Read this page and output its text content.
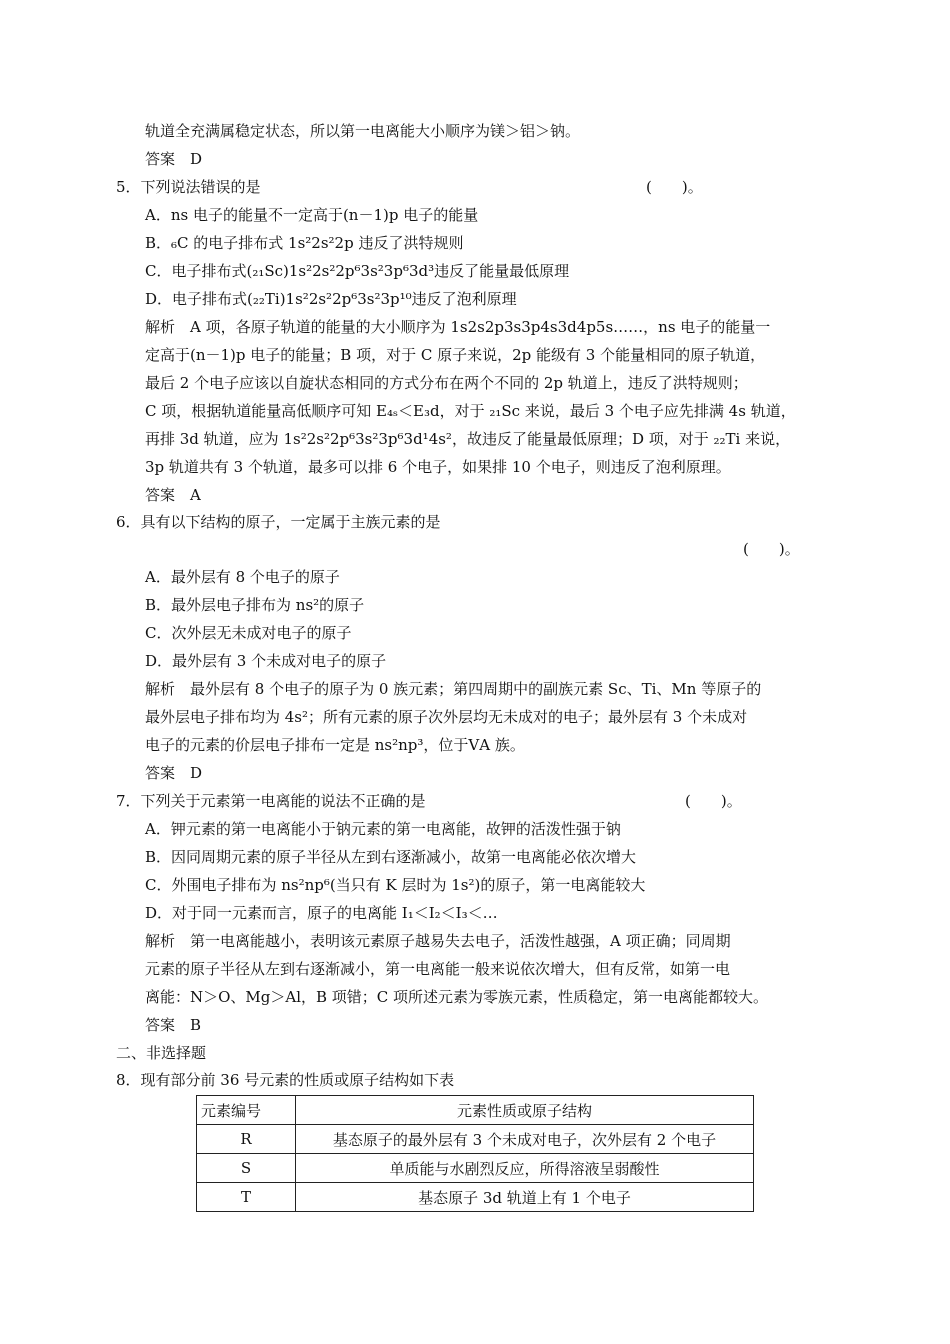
轨道全充满属稳定状态，所以第一电离能大小顺序为镁＞铝＞钠。
答案　D
5．下列说法错误的是	(　　)。
A．ns 电子的能量不一定高于(n－1)p 电子的能量
B．₆C 的电子排布式 1s²2s²2p 违反了洪特规则
C．电子排布式(₂₁Sc)1s²2s²2p⁶3s²3p⁶3d³违反了能量最低原理
D．电子排布式(₂₂Ti)1s²2s²2p⁶3s²3p¹⁰违反了泡利原理
解析　A 项，各原子轨道的能量的大小顺序为 1s2s2p3s3p4s3d4p5s……，ns 电子的能量一
定高于(n－1)p 电子的能量；B 项，对于 C 原子来说，2p 能级有 3 个能量相同的原子轨道，
最后 2 个电子应该以自旋状态相同的方式分布在两个不同的 2p 轨道上，违反了洪特规则；
C 项，根据轨道能量高低顺序可知 E₄ₛ＜E₃d，对于 ₂₁Sc 来说，最后 3 个电子应先排满 4s 轨道，
再排 3d 轨道，应为 1s²2s²2p⁶3s²3p⁶3d¹4s²，故违反了能量最低原理；D 项，对于 ₂₂Ti 来说，
3p 轨道共有 3 个轨道，最多可以排 6 个电子，如果排 10 个电子，则违反了泡利原理。
答案　A
6．具有以下结构的原子，一定属于主族元素的是
(　　)。
A．最外层有 8 个电子的原子
B．最外层电子排布为 ns²的原子
C．次外层无未成对电子的原子
D．最外层有 3 个未成对电子的原子
解析　最外层有 8 个电子的原子为 0 族元素；第四周期中的副族元素 Sc、Ti、Mn 等原子的
最外层电子排布均为 4s²；所有元素的原子次外层均无未成对的电子；最外层有 3 个未成对
电子的元素的价层电子排布一定是 ns²np³，位于ⅤA 族。
答案　D
7．下列关于元素第一电离能的说法不正确的是	(　　)。
A．钾元素的第一电离能小于钠元素的第一电离能，故钾的活泼性强于钠
B．因同周期元素的原子半径从左到右逐渐减小，故第一电离能必依次增大
C．外围电子排布为 ns²np⁶(当只有 K 层时为 1s²)的原子，第一电离能较大
D．对于同一元素而言，原子的电离能 I₁＜I₂＜I₃＜…
解析　第一电离能越小，表明该元素原子越易失去电子，活泼性越强，A 项正确；同周期
元素的原子半径从左到右逐渐减小，第一电离能一般来说依次增大，但有反常，如第一电
离能：N＞O、Mg＞Al，B 项错；C 项所述元素为零族元素，性质稳定，第一电离能都较大。
答案　B
二、非选择题
8．现有部分前 36 号元素的性质或原子结构如下表
元素编号	元素性质或原子结构
R	基态原子的最外层有 3 个未成对电子，次外层有 2 个电子
S	单质能与水剧烈反应，所得溶液呈弱酸性
T	基态原子 3d 轨道上有 1 个电子
